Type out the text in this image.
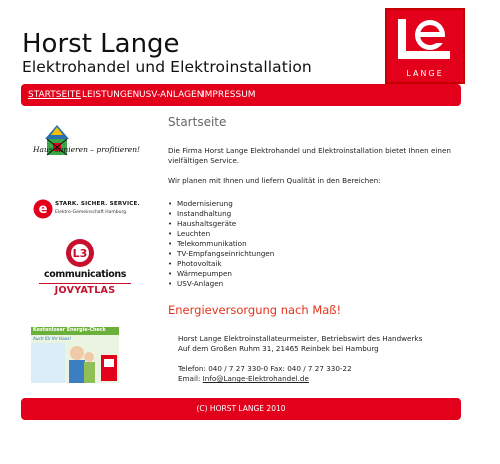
Horst Lange
Elektrohandel und Elektroinstallation	LANGE
STARTSEITE LEISTUNGEN USV-ANLAGEN
IMPRESSUM
Haus sanieren – profitieren!
e STARK. SICHER. SERVICE.
Elektro-Gemeinschaft Hamburg
L3
communications
JOVYATLAS
Kostenloser Energie-Check
Auch für Ihr Haus!
Startseite
Die Firma Horst Lange Elektrohandel und Elektroinstallation bietet Ihnen einen vielfältigen Service.
Wir planen mit Ihnen und liefern Qualität in den Bereichen:
• Modernisierung
• Instandhaltung
• Haushaltsgeräte
• Leuchten
• Telekommunikation
• TV-Empfangseinrichtungen
• Photovoltaik
• Wärmepumpen
• USV-Anlagen
Energieversorgung nach Maß!
Horst Lange Elektroinstallateurmeister, Betriebswirt des Handwerks
Auf dem Großen Ruhm 31, 21465 Reinbek bei Hamburg
Telefon: 040 / 7 27 330-0 Fax: 040 / 7 27 330-22
Email: Info@Lange-Elektrohandel.de
(C) HORST LANGE 2010
